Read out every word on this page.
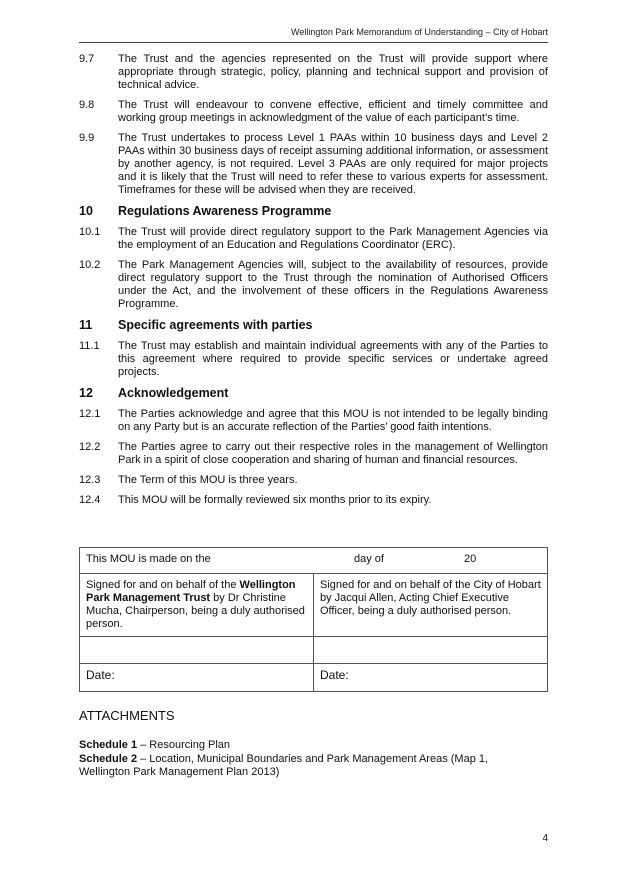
Wellington Park Memorandum of Understanding – City of Hobart
9.7	The Trust and the agencies represented on the Trust will provide support where appropriate through strategic, policy, planning and technical support and provision of technical advice.
9.8	The Trust will endeavour to convene effective, efficient and timely committee and working group meetings in acknowledgment of the value of each participant’s time.
9.9	The Trust undertakes to process Level 1 PAAs within 10 business days and Level 2 PAAs within 30 business days of receipt assuming additional information, or assessment by another agency, is not required. Level 3 PAAs are only required for major projects and it is likely that the Trust will need to refer these to various experts for assessment. Timeframes for these will be advised when they are received.
10	Regulations Awareness Programme
10.1	The Trust will provide direct regulatory support to the Park Management Agencies via the employment of an Education and Regulations Coordinator (ERC).
10.2	The Park Management Agencies will, subject to the availability of resources, provide direct regulatory support to the Trust through the nomination of Authorised Officers under the Act, and the involvement of these officers in the Regulations Awareness Programme.
11	Specific agreements with parties
11.1	The Trust may establish and maintain individual agreements with any of the Parties to this agreement where required to provide specific services or undertake agreed projects.
12	Acknowledgement
12.1	The Parties acknowledge and agree that this MOU is not intended to be legally binding on any Party but is an accurate reflection of the Parties’ good faith intentions.
12.2	The Parties agree to carry out their respective roles in the management of Wellington Park in a spirit of close cooperation and sharing of human and financial resources.
12.3	The Term of this MOU is three years.
12.4	This MOU will be formally reviewed six months prior to its expiry.
This MOU is made on the day of 20	

Signed for and on behalf of the Wellington Park Management Trust by Dr Christine Mucha, Chairperson, being a duly authorised person.	Signed for and on behalf of the City of Hobart by Jacqui Allen, Acting Chief Executive Officer, being a duly authorised person.

Date:	Date:
ATTACHMENTS
Schedule 1 – Resourcing Plan
Schedule 2 – Location, Municipal Boundaries and Park Management Areas (Map 1, Wellington Park Management Plan 2013)
4
